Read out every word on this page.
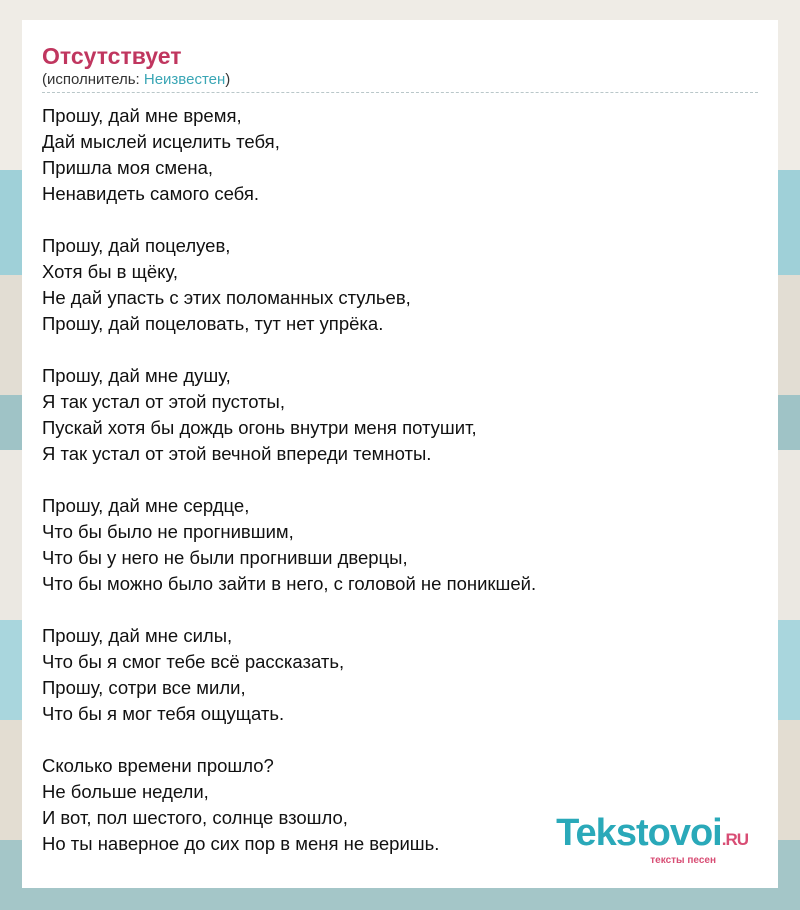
Отсутствует
(исполнитель: Неизвестен)
Прошу, дай мне время,
Дай мыслей исцелить тебя,
Пришла моя смена,
Ненавидеть самого себя.
Прошу, дай поцелуев,
Хотя бы в щёку,
Не дай упасть с этих поломанных стульев,
Прошу, дай поцеловать, тут нет упрёка.
Прошу, дай мне душу,
Я так устал от этой пустоты,
Пускай хотя бы дождь огонь внутри меня потушит,
Я так устал от этой вечной впереди темноты.
Прошу, дай мне сердце,
Что бы было не прогнившим,
Что бы у него не были прогнивши дверцы,
Что бы можно было зайти в него, с головой не поникшей.
Прошу, дай мне силы,
Что бы я смог тебе всё рассказать,
Прошу, сотри все мили,
Что бы я мог тебя ощущать.
Сколько времени прошло?
Не больше недели,
И вот, пол шестого, солнце взошло,
Но ты наверное до сих пор в меня не веришь.	Tekstovoi.RU
тексты песен
